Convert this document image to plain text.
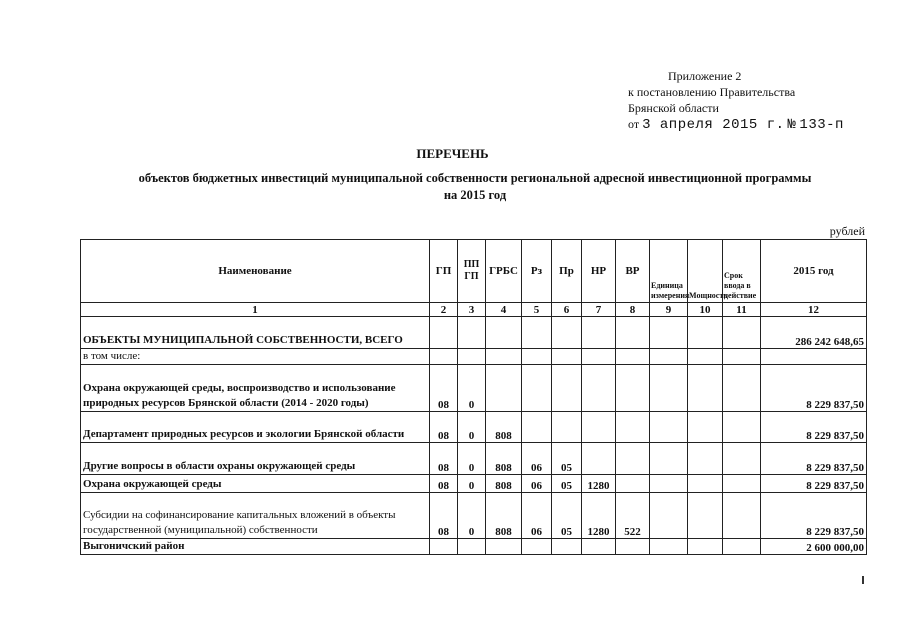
Приложение 2
к постановлению Правительства
Брянской области
от 3 апреля 2015 г. № 133-п
ПЕРЕЧЕНЬ
объектов бюджетных инвестиций муниципальной собственности региональной адресной инвестиционной программы
на 2015 год
рублей
Наименование	ГП	ПП ГП	ГРБС	Рз	Пр	НР	ВР	Единица измерения	Мощность	Срок ввода в действие	2015 год
1	2	3	4	5	6	7	8	9	10	11	12
ОБЪЕКТЫ МУНИЦИПАЛЬНОЙ СОБСТВЕННОСТИ, ВСЕГО											286 242 648,65
в том числе:											
Охрана окружающей среды, воспроизводство и использование природных ресурсов Брянской области (2014 - 2020 годы)	08	0									8 229 837,50
Департамент природных ресурсов и экологии Брянской области	08	0	808								8 229 837,50
Другие вопросы в области охраны окружающей среды	08	0	808	06	05						8 229 837,50
Охрана окружающей среды	08	0	808	06	05	1280					8 229 837,50
Субсидии на софинансирование капитальных вложений в объекты государственной (муниципальной) собственности	08	0	808	06	05	1280	522				8 229 837,50
Выгоничский район											2 600 000,00
